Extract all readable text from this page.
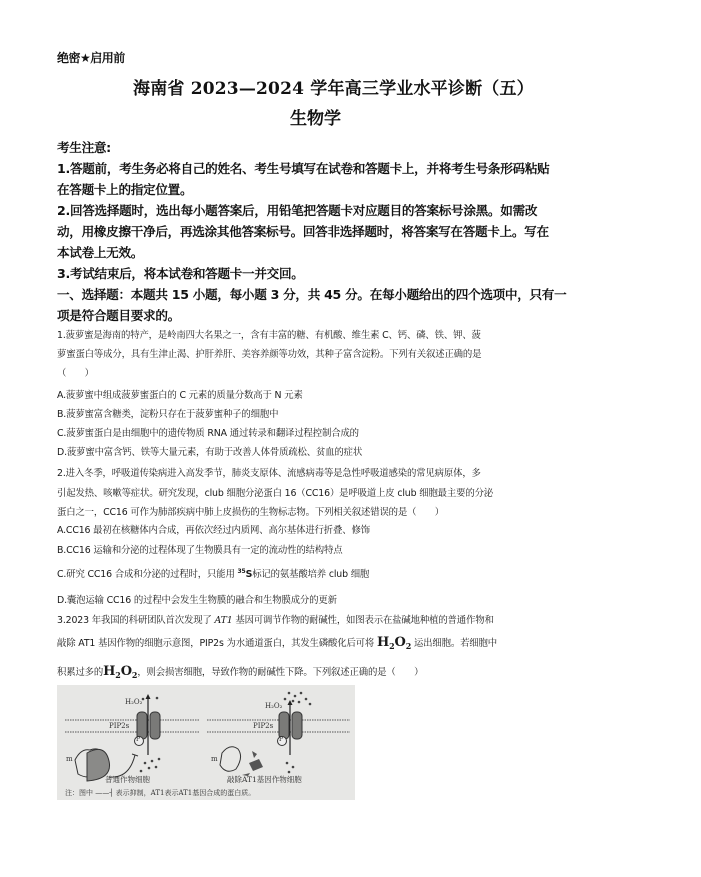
绝密★启用前
海南省 2023—2024 学年高三学业水平诊断（五）
生物学
考生注意:
1.答题前，考生务必将自己的姓名、考生号填写在试卷和答题卡上，并将考生号条形码粘贴
在答题卡上的指定位置。
2.回答选择题时，选出每小题答案后，用铅笔把答题卡对应题目的答案标号涂黑。如需改
动，用橡皮擦干净后，再选涂其他答案标号。回答非选择题时，将答案写在答题卡上。写在
本试卷上无效。
3.考试结束后，将本试卷和答题卡一并交回。
一、选择题：本题共 15 小题，每小题 3 分，共 45 分。在每小题给出的四个选项中，只有一
项是符合题目要求的。
1.菠萝蜜是海南的特产，是岭南四大名果之一，含有丰富的糖、有机酸、维生素 C、钙、磷、铁、钾、菠
萝蜜蛋白等成分，具有生津止渴、护肝养肝、美容养颜等功效，其种子富含淀粉。下列有关叙述正确的是
（　　）
A.菠萝蜜中组成菠萝蜜蛋白的 C 元素的质量分数高于 N 元素
B.菠萝蜜富含糖类，淀粉只存在于菠萝蜜种子的细胞中
C.菠萝蜜蛋白是由细胞中的遗传物质 RNA 通过转录和翻译过程控制合成的
D.菠萝蜜中富含钙、铁等大量元素，有助于改善人体骨质疏松、贫血的症状
2.进入冬季，呼吸道传染病进入高发季节，肺炎支原体、流感病毒等是急性呼吸道感染的常见病原体，多
引起发热、咳嗽等症状。研究发现，club 细胞分泌蛋白 16（CC16）是呼吸道上皮 club 细胞最主要的分泌
蛋白之一，CC16 可作为肺部疾病中肺上皮损伤的生物标志物。下列相关叙述错误的是（　　）
A.CC16 最初在核糖体内合成，再依次经过内质网、高尔基体进行折叠、修饰
B.CC16 运输和分泌的过程体现了生物膜具有一定的流动性的结构特点
C.研究 CC16 合成和分泌的过程时，只能用 $^{35}$S标记的氨基酸培养 club 细胞
D.囊泡运输 CC16 的过程中会发生生物膜的融合和生物膜成分的更新
3.2023 年我国的科研团队首次发现了 AT1 基因可调节作物的耐碱性，如图表示在盐碱地种植的普通作物和
敲除 AT1 基因作物的细胞示意图，PIP2s 为水通道蛋白，其发生磷酸化后可将 $H_2O_2$ 运出细胞。若细胞中
积累过多的$H_2O_2$，则会损害细胞，导致作物的耐碱性下降。下列叙述正确的是（　　）
H₂O₂	H₂O₂
PIP2s	PIP2s
P	P
m	m
普通作物细胞	敲除AT1基因作物细胞
注：图中 ——┤ 表示抑制，AT1表示AT1基因合成的蛋白质。
